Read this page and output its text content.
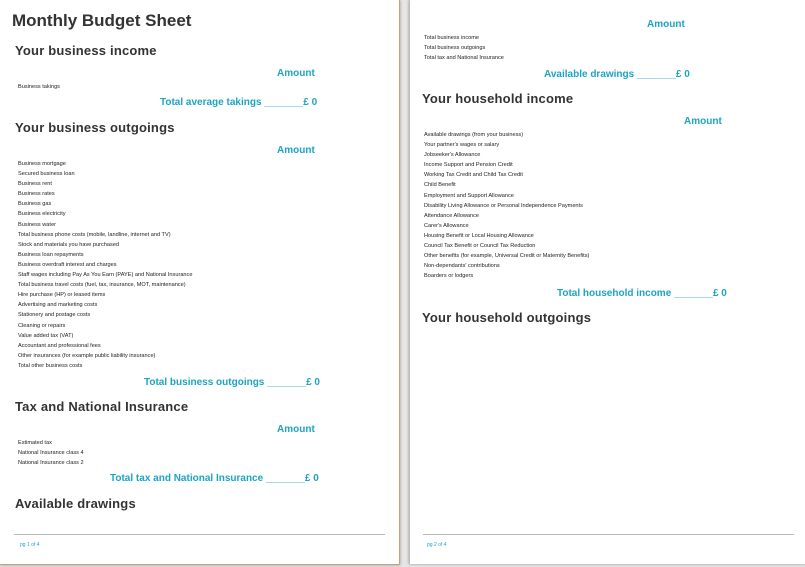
Monthly Budget Sheet
Your business income
Amount
Business takings
Total average takings _______£ 0
Your business outgoings
Amount
Business mortgage
Secured business loan
Business rent
Business rates
Business gas
Business electricity
Business water
Total business phone costs (mobile, landline, internet and TV)
Stock and materials you have purchased
Business loan repayments
Business overdraft interest and charges
Staff wages including Pay As You Earn (PAYE) and National Insurance
Total business travel costs (fuel, tax, insurance, MOT, maintenance)
Hire purchase (HP) or leased items
Advertising and marketing costs
Stationery and postage costs
Cleaning or repairs
Value added tax (VAT)
Accountant and professional fees
Other insurances (for example public liability insurance)
Total other business costs
Total business outgoings _______£ 0
Tax and National Insurance
Amount
Estimated tax
National Insurance class 4
National Insurance class 2
Total tax and National Insurance _______£ 0
Available drawings
pg 1 of 4
Amount
Total business income
Total business outgoings
Total tax and National Insurance
Available drawings _______£ 0
Your household income
Amount
Available drawings (from your business)
Your partner's wages or salary
Jobseeker's Allowance
Income Support and Pension Credit
Working Tax Credit and Child Tax Credit
Child Benefit
Employment and Support Allowance
Disability Living Allowance or Personal Independence Payments
Attendance Allowance
Carer's Allowance
Housing Benefit or Local Housing Allowance
Council Tax Benefit or Council Tax Reduction
Other benefits (for example, Universal Credit or Maternity Benefits)
Non-dependants' contributions
Boarders or lodgers
Total household income _______£ 0
Your household outgoings
pg 2 of 4
